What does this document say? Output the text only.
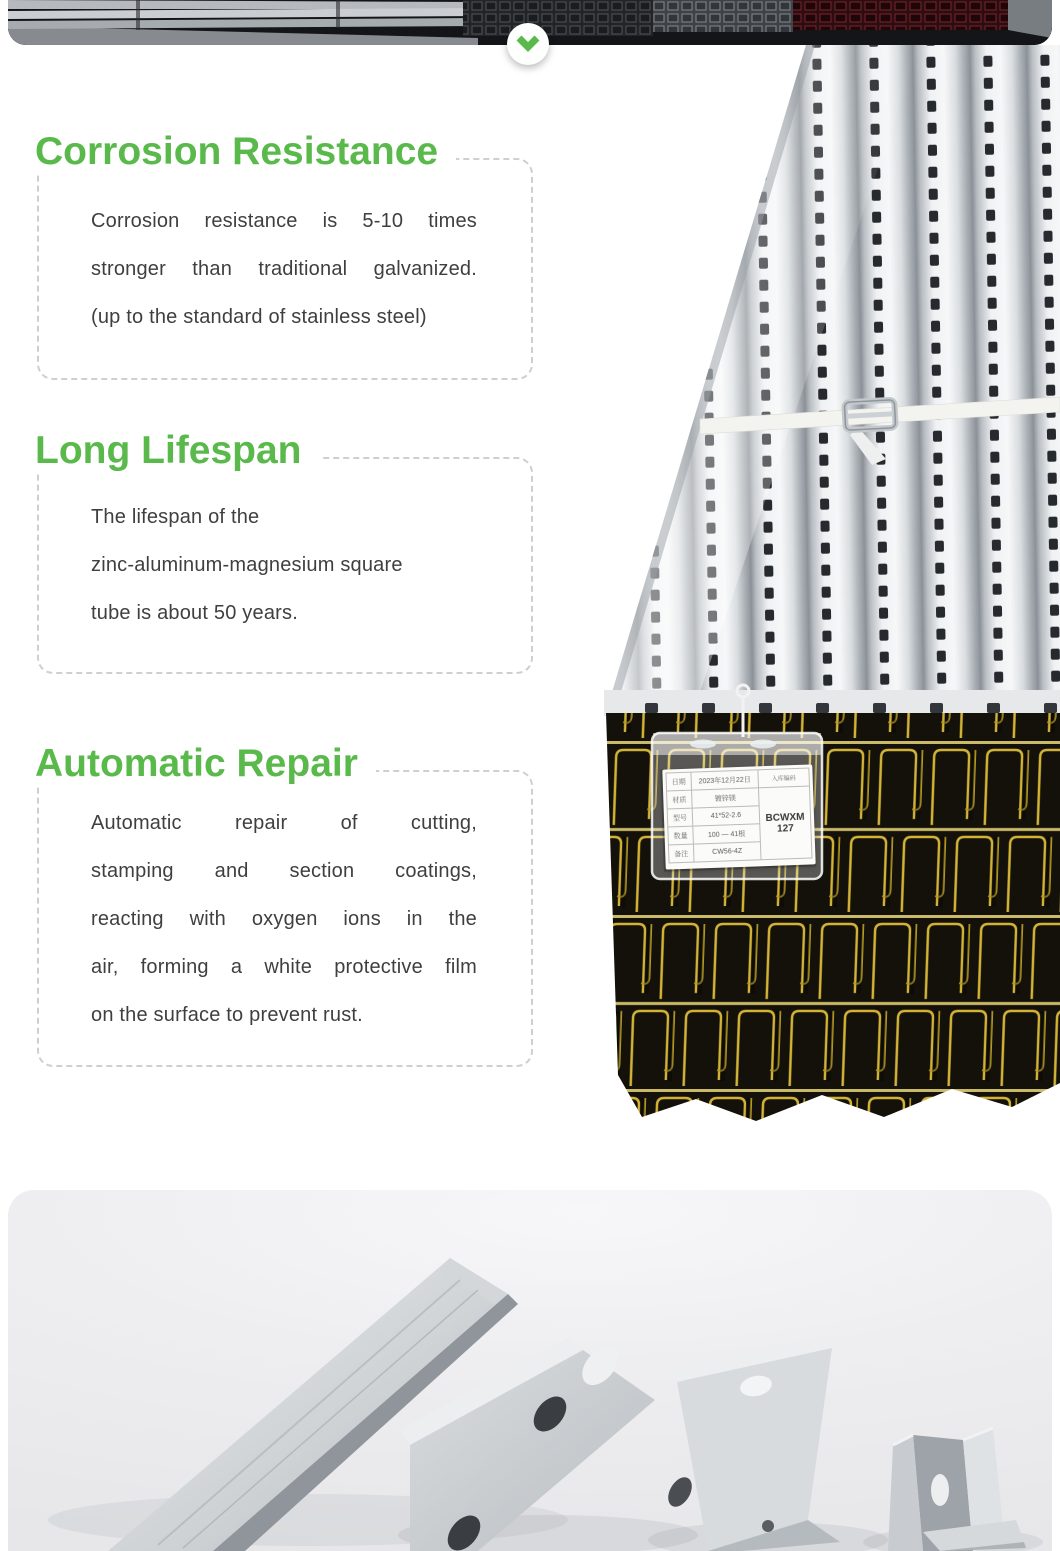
日期	2023年12月22日	入库编码
材质	镀锌镁
BCWXM
127
型号	41*52-2.6
数量	100 — 41根
备注	CW56-4Z
Corrosion resistance is 5-10 times
stronger than traditional galvanized.
(up to the standard of stainless steel)
Corrosion Resistance
The lifespan of the
zinc-aluminum-magnesium square
tube is about 50 years.
Long Lifespan
Automatic repair of cutting,
stamping and section coatings,
reacting with oxygen ions in the
air, forming a white protective film
on the surface to prevent rust.
Automatic Repair
